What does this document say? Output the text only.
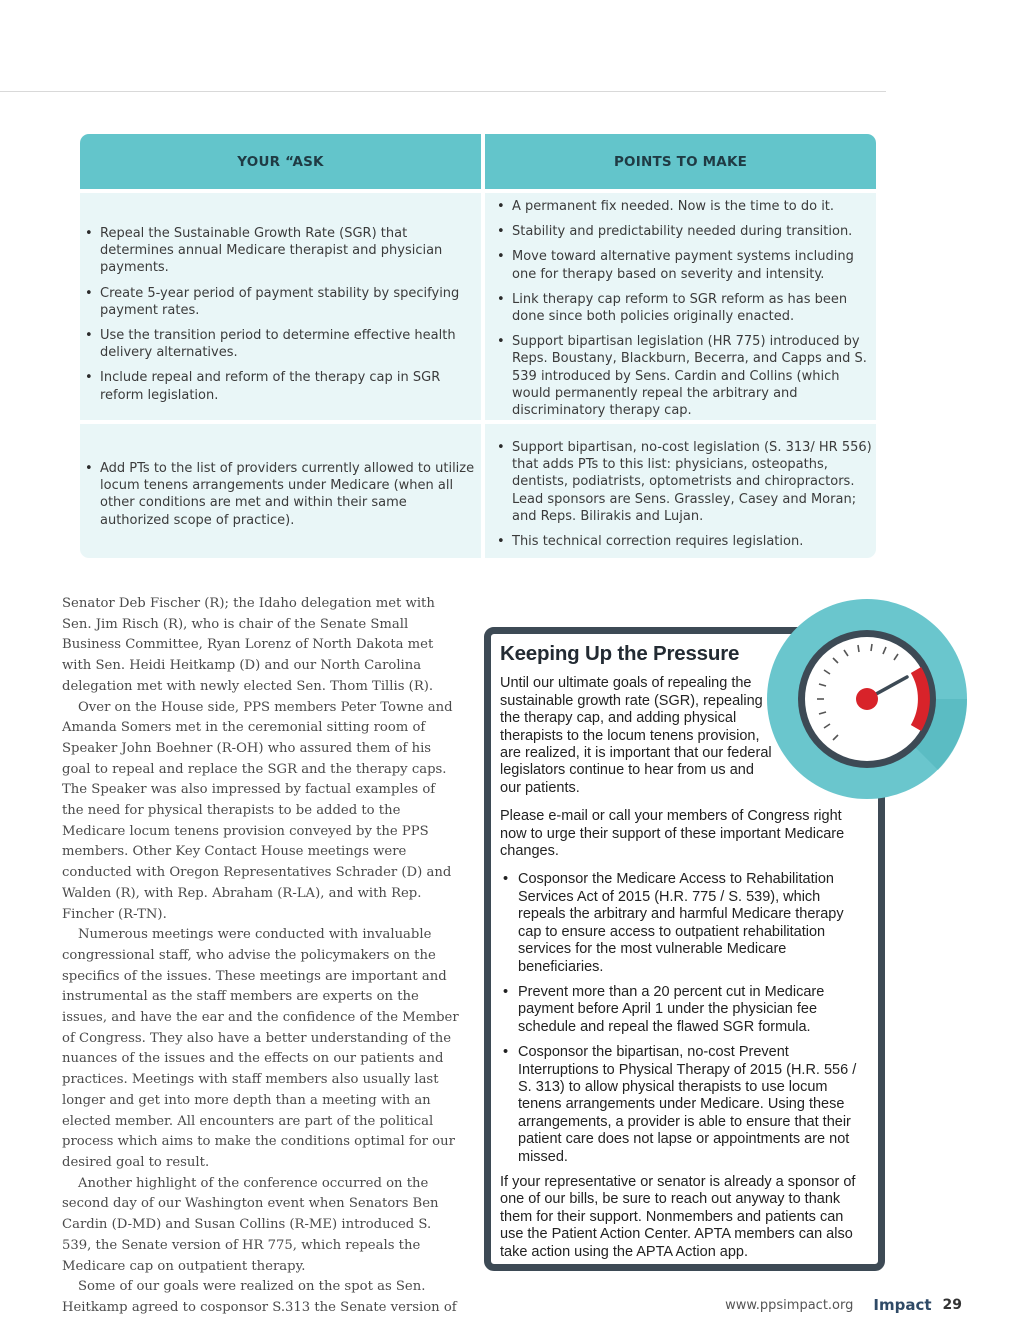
YOUR “ASK	POINTS TO MAKE
• Repeal the Sustainable Growth Rate (SGR) that determines annual Medicare therapist and physician payments.
• Create 5-year period of payment stability by specifying payment rates.
• Use the transition period to determine effective health delivery alternatives.
• Include repeal and reform of the therapy cap in SGR reform legislation.
• A permanent fix needed. Now is the time to do it.
• Stability and predictability needed during transition.
• Move toward alternative payment systems including one for therapy based on severity and intensity.
• Link therapy cap reform to SGR reform as has been done since both policies originally enacted.
• Support bipartisan legislation (HR 775) introduced by Reps. Boustany, Blackburn, Becerra, and Capps and S. 539 introduced by Sens. Cardin and Collins (which would permanently repeal the arbitrary and discriminatory therapy cap.
• Add PTs to the list of providers currently allowed to utilize locum tenens arrangements under Medicare (when all other conditions are met and within their same authorized scope of practice).
• Support bipartisan, no-cost legislation (S. 313/ HR 556) that adds PTs to this list: physicians, osteopaths, dentists, podiatrists, optometrists and chiropractors. Lead sponsors are Sens. Grassley, Casey and Moran; and Reps. Bilirakis and Lujan.
• This technical correction requires legislation.

Senator Deb Fischer (R); the Idaho delegation met with Sen. Jim Risch (R), who is chair of the Senate Small Business Committee, Ryan Lorenz of North Dakota met with Sen. Heidi Heitkamp (D) and our North Carolina delegation met with newly elected Sen. Thom Tillis (R).

Over on the House side, PPS members Peter Towne and Amanda Somers met in the ceremonial sitting room of Speaker John Boehner (R-OH) who assured them of his goal to repeal and replace the SGR and the therapy caps. The Speaker was also impressed by factual examples of the need for physical therapists to be added to the Medicare locum tenens provision conveyed by the PPS members. Other Key Contact House meetings were conducted with Oregon Representatives Schrader (D) and Walden (R), with Rep. Abraham (R-LA), and with Rep. Fincher (R-TN).

Numerous meetings were conducted with invaluable congressional staff, who advise the policymakers on the specifics of the issues. These meetings are important and instrumental as the staff members are experts on the issues, and have the ear and the confidence of the Member of Congress. They also have a better understanding of the nuances of the issues and the effects on our patients and practices. Meetings with staff members also usually last longer and get into more depth than a meeting with an elected member. All encounters are part of the political process which aims to make the conditions optimal for our desired goal to result.

Another highlight of the conference occurred on the second day of our Washington event when Senators Ben Cardin (D-MD) and Susan Collins (R-ME) introduced S. 539, the Senate version of HR 775, which repeals the Medicare cap on outpatient therapy.

Some of our goals were realized on the spot as Sen. Heitkamp agreed to cosponsor S.313 the Senate version of

Keeping Up the Pressure

Until our ultimate goals of repealing the sustainable growth rate (SGR), repealing the therapy cap, and adding physical therapists to the locum tenens provision, are realized, it is important that our federal legislators continue to hear from us and our patients.

Please e-mail or call your members of Congress right now to urge their support of these important Medicare changes.

• Cosponsor the Medicare Access to Rehabilitation Services Act of 2015 (H.R. 775 / S. 539), which repeals the arbitrary and harmful Medicare therapy cap to ensure access to outpatient rehabilitation services for the most vulnerable Medicare beneficiaries.
• Prevent more than a 20 percent cut in Medicare payment before April 1 under the physician fee schedule and repeal the flawed SGR formula.
• Cosponsor the bipartisan, no-cost Prevent Interruptions to Physical Therapy of 2015 (H.R. 556 / S. 313) to allow physical therapists to use locum tenens arrangements under Medicare. Using these arrangements, a provider is able to ensure that their patient care does not lapse or appointments are not missed.

If your representative or senator is already a sponsor of one of our bills, be sure to reach out anyway to thank them for their support. Nonmembers and patients can use the Patient Action Center. APTA members can also take action using the APTA Action app.

www.ppsimpact.org Impact 29
